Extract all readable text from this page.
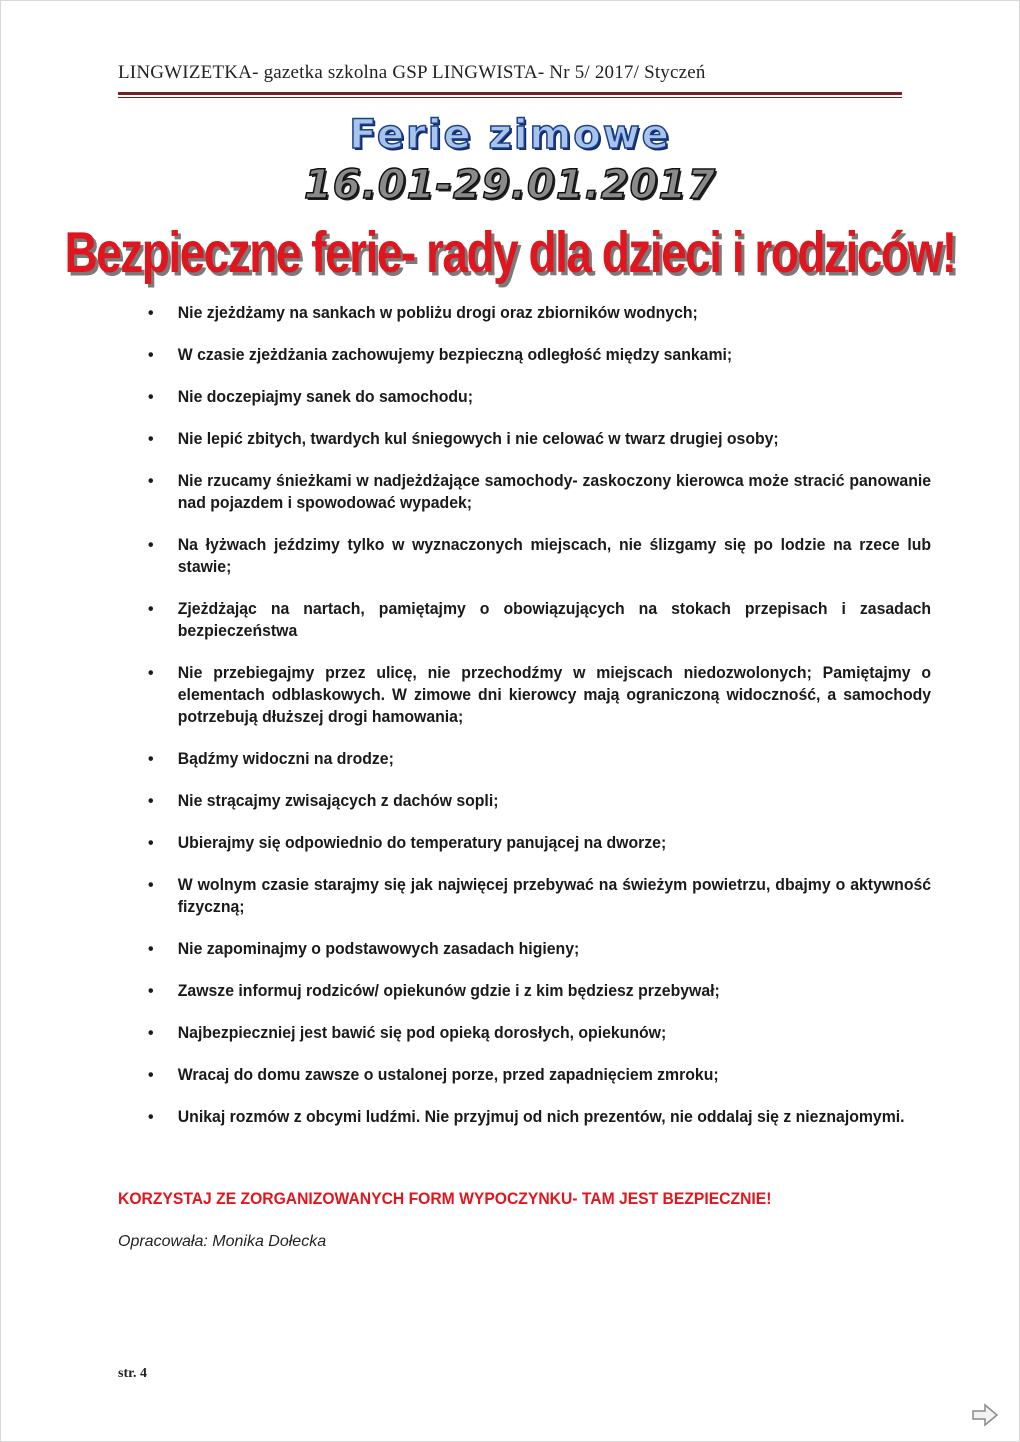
LINGWIZETKA- gazetka szkolna GSP LINGWISTA- Nr 5/ 2017/ Styczeń
Ferie zimowe
16.01-29.01.2017
Bezpieczne ferie- rady dla dzieci i rodziców!
• Nie zjeżdżamy na sankach w pobliżu drogi oraz zbiorników wodnych;
• W czasie zjeżdżania zachowujemy bezpieczną odległość między sankami;
• Nie doczepiajmy sanek do samochodu;
• Nie lepić zbitych, twardych kul śniegowych i nie celować w twarz drugiej osoby;
• Nie rzucamy śnieżkami w nadjeżdżające samochody- zaskoczony kierowca może stracić panowanie nad pojazdem i spowodować wypadek;
• Na łyżwach jeździmy tylko w wyznaczonych miejscach, nie ślizgamy się po lodzie na rzece lub stawie;
• Zjeżdżając na nartach, pamiętajmy o obowiązujących na stokach przepisach i zasadach bezpieczeństwa
• Nie przebiegajmy przez ulicę, nie przechodźmy w miejscach niedozwolonych; Pamiętajmy o elementach odblaskowych. W zimowe dni kierowcy mają ograniczoną widoczność, a samochody potrzebują dłuższej drogi hamowania;
• Bądźmy widoczni na drodze;
• Nie strącajmy zwisających z dachów sopli;
• Ubierajmy się odpowiednio do temperatury panującej na dworze;
• W wolnym czasie starajmy się jak najwięcej przebywać na świeżym powietrzu, dbajmy o aktywność fizyczną;
• Nie zapominajmy o podstawowych zasadach higieny;
• Zawsze informuj rodziców/ opiekunów gdzie i z kim będziesz przebywał;
• Najbezpieczniej jest bawić się pod opieką dorosłych, opiekunów;
• Wracaj do domu zawsze o ustalonej porze, przed zapadnięciem zmroku;
• Unikaj rozmów z obcymi ludźmi. Nie przyjmuj od nich prezentów, nie oddalaj się z nieznajomymi.
KORZYSTAJ ZE ZORGANIZOWANYCH FORM WYPOCZYNKU- TAM JEST BEZPIECZNIE!
Opracowała: Monika Dołecka
str. 4
